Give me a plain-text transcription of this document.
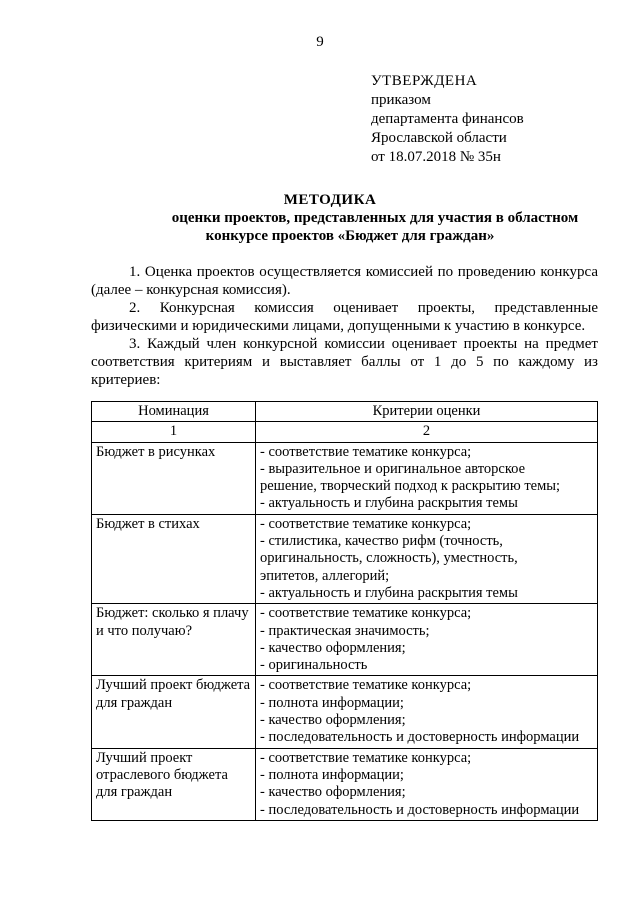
9
УТВЕРЖДЕНА
приказом
департамента финансов
Ярославской области
от 18.07.2018 № 35н
МЕТОДИКА
оценки проектов, представленных для участия в областном
конкурсе проектов «Бюджет для граждан»

1. Оценка проектов осуществляется комиссией по проведению конкурса (далее – конкурсная комиссия).

2. Конкурсная комиссия оценивает проекты, представленные физическими и юридическими лицами, допущенными к участию в конкурсе.

3. Каждый член конкурсной комиссии оценивает проекты на предмет соответствия критериям и выставляет баллы от 1 до 5 по каждому из критериев:

Номинация	Критерии оценки
1	2

Бюджет в рисунках	- соответствие тематике конкурса;
- выразительное и оригинальное авторское
решение, творческий подход к раскрытию темы;
- актуальность и глубина раскрытия темы

Бюджет в стихах	- соответствие тематике конкурса;
- стилистика, качество рифм (точность,
оригинальность, сложность), уместность,
эпитетов, аллегорий;
- актуальность и глубина раскрытия темы

Бюджет: сколько я плачу и что получаю?	- соответствие тематике конкурса;
- практическая значимость;
- качество оформления;
- оригинальность

Лучший проект бюджета для граждан	- соответствие тематике конкурса;
- полнота информации;
- качество оформления;
- последовательность и достоверность информации

Лучший проект отраслевого бюджета для граждан	- соответствие тематике конкурса;
- полнота информации;
- качество оформления;
- последовательность и достоверность информации
